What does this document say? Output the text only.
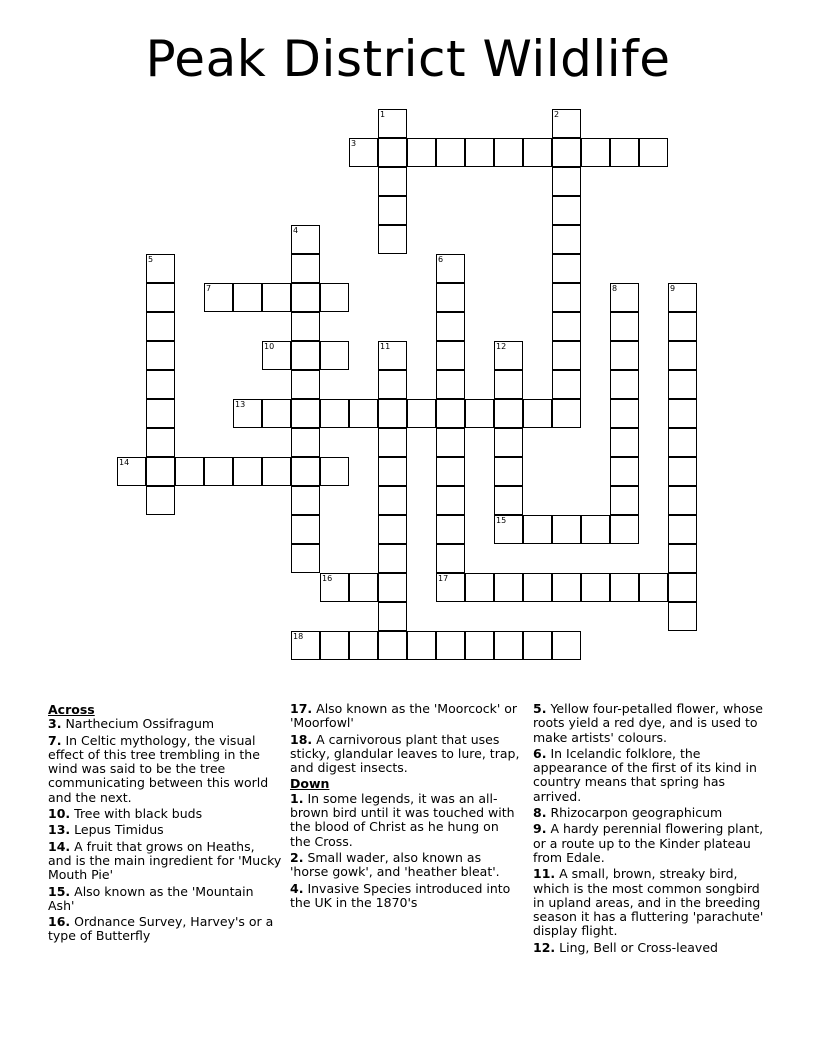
Peak District Wildlife
1	2
3
4
5	6
17
7	8	9
10	11	12
15
13
14
16
18
Across
3. Narthecium Ossifragum
7. In Celtic mythology, the visual effect of this tree trembling in the wind was said to be the tree communicating between this world and the next.
10. Tree with black buds
13. Lepus Timidus
14. A fruit that grows on Heaths, and is the main ingredient for 'Mucky Mouth Pie'
15. Also known as the 'Mountain Ash'
16. Ordnance Survey, Harvey's or a type of Butterfly
17. Also known as the 'Moorcock' or 'Moorfowl'
18. A carnivorous plant that uses sticky, glandular leaves to lure, trap, and digest insects.
Down
1. In some legends, it was an all-brown bird until it was touched with the blood of Christ as he hung on the Cross.
2. Small wader, also known as 'horse gowk', and 'heather bleat'.
4. Invasive Species introduced into the UK in the 1870's
5. Yellow four-petalled flower, whose roots yield a red dye, and is used to make artists' colours.
6. In Icelandic folklore, the appearance of the first of its kind in country means that spring has arrived.
8. Rhizocarpon geographicum
9. A hardy perennial flowering plant, or a route up to the Kinder plateau from Edale.
11. A small, brown, streaky bird, which is the most common songbird in upland areas, and in the breeding season it has a fluttering 'parachute' display flight.
12. Ling, Bell or Cross-leaved
